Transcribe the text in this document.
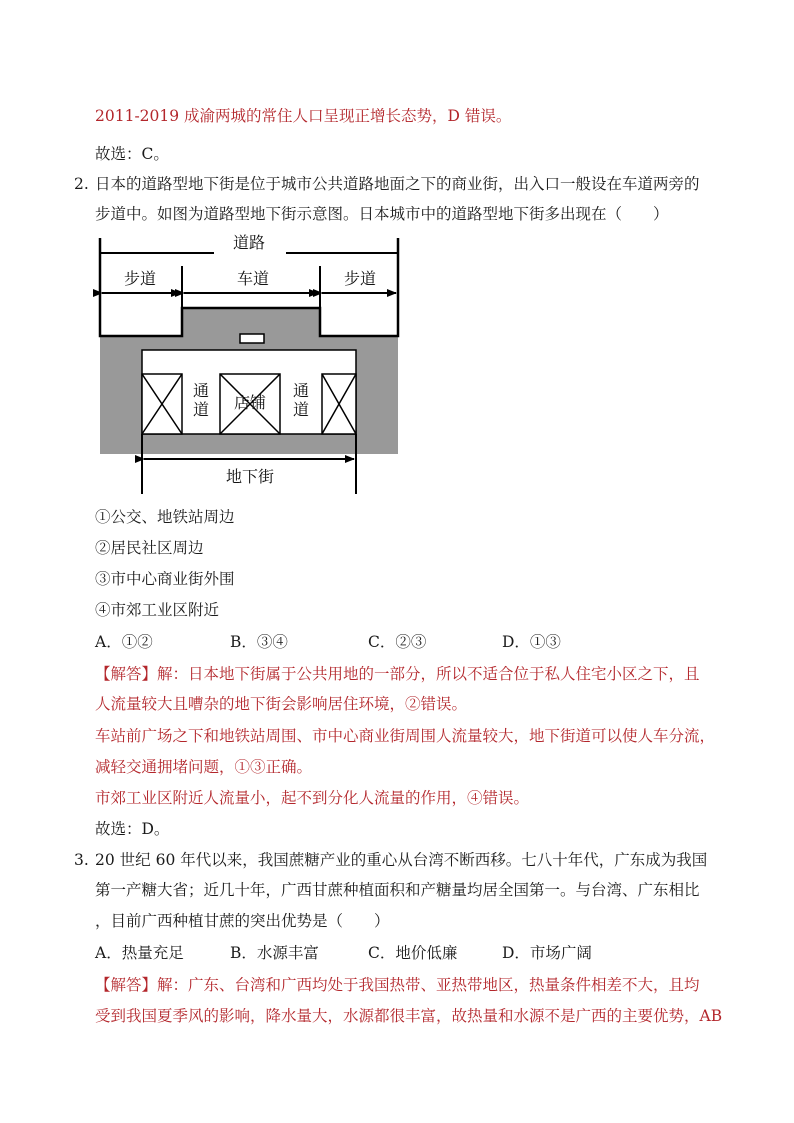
2011-2019 成渝两城的常住人口呈现正增长态势，D 错误。
故选：C。
2. 日本的道路型地下街是位于城市公共道路地面之下的商业街，出入口一般设在车道两旁的
步道中。如图为道路型地下街示意图。日本城市中的道路型地下街多出现在（　　）
道路
步道	车道	步道
通
道 店铺
通
道
地下街
①公交、地铁站周边
②居民社区周边
③市中心商业街外围
④市郊工业区附近
A．①②	B．③④	C．②③	D．①③
【解答】解：日本地下街属于公共用地的一部分，所以不适合位于私人住宅小区之下，且
人流量较大且嘈杂的地下街会影响居住环境，②错误。
车站前广场之下和地铁站周围、市中心商业街周围人流量较大，地下街道可以使人车分流，
减轻交通拥堵问题，①③正确。
市郊工业区附近人流量小，起不到分化人流量的作用，④错误。
故选：D。
3. 20 世纪 60 年代以来，我国蔗糖产业的重心从台湾不断西移。七八十年代，广东成为我国
第一产糖大省；近几十年，广西甘蔗种植面积和产糖量均居全国第一。与台湾、广东相比
，目前广西种植甘蔗的突出优势是（　　）
A．热量充足	B．水源丰富	C．地价低廉	D．市场广阔
【解答】解：广东、台湾和广西均处于我国热带、亚热带地区，热量条件相差不大，且均
受到我国夏季风的影响，降水量大，水源都很丰富，故热量和水源不是广西的主要优势，AB
